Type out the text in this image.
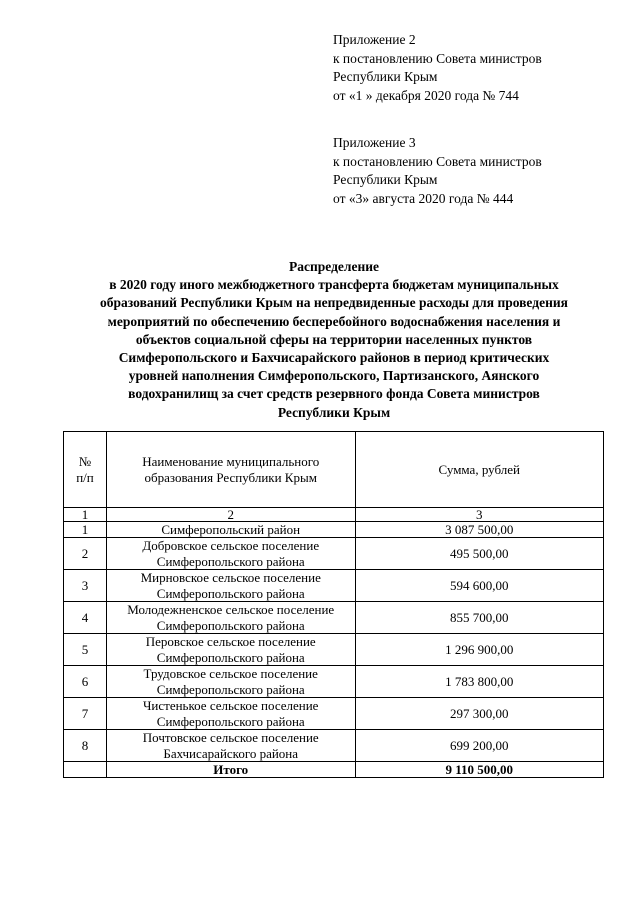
Приложение 2
к постановлению Совета министров
Республики Крым
от «1 » декабря 2020 года № 744
Приложение 3
к постановлению Совета министров
Республики Крым
от «3» августа 2020 года № 444
Распределение
в 2020 году иного межбюджетного трансферта бюджетам муниципальных
образований Республики Крым на непредвиденные расходы для проведения
мероприятий по обеспечению бесперебойного водоснабжения населения и
объектов социальной сферы на территории населенных пунктов
Симферопольского и Бахчисарайского районов в период критических
уровней наполнения Симферопольского, Партизанского, Аянского
водохранилищ за счет средств резервного фонда Совета министров
Республики Крым
№
п/п	Наименование муниципального
образования Республики Крым	Сумма, рублей
1	2	3
1	Симферопольский район	3 087 500,00
2	Добровское сельское поселение
Симферопольского района	495 500,00
3	Мирновское сельское поселение
Симферопольского района	594 600,00
4	Молодежненское сельское поселение
Симферопольского района	855 700,00
5	Перовское сельское поселение
Симферопольского района	1 296 900,00
6	Трудовское сельское поселение
Симферопольского района	1 783 800,00
7	Чистенькое сельское поселение
Симферопольского района	297 300,00
8	Почтовское сельское поселение
Бахчисарайского района	699 200,00
	Итого	9 110 500,00
